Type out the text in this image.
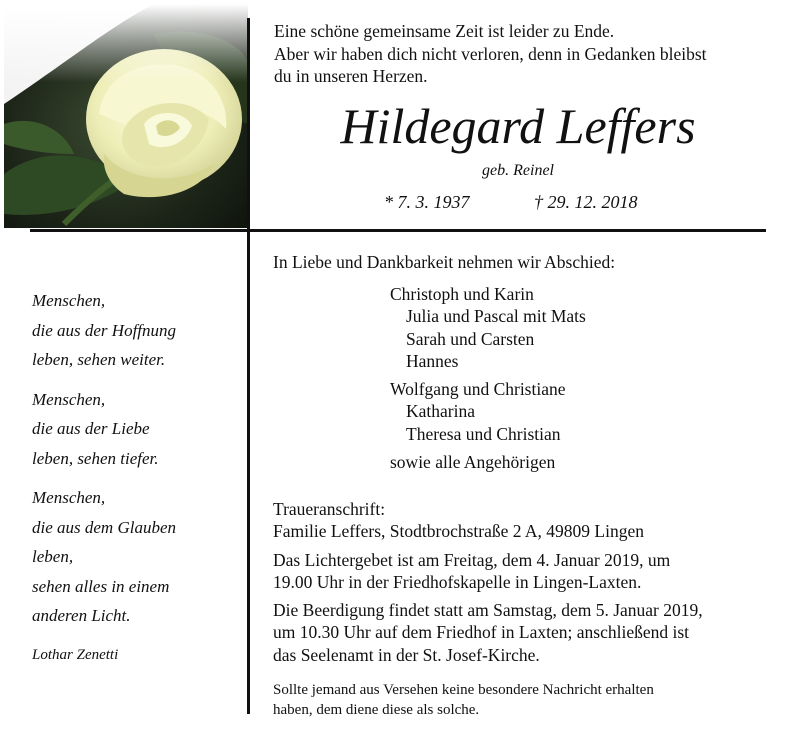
Eine schöne gemeinsame Zeit ist leider zu Ende.
Aber wir haben dich nicht verloren, denn in Gedanken bleibst
du in unseren Herzen.
Hildegard Leffers
geb. Reinel
* 7. 3. 1937	† 29. 12. 2018
Menschen,
die aus der Hoffnung
leben, sehen weiter.
Menschen,
die aus der Liebe
leben, sehen tiefer.
Menschen,
die aus dem Glauben
leben,
sehen alles in einem
anderen Licht.
Lothar Zenetti
In Liebe und Dankbarkeit nehmen wir Abschied:
Christoph und Karin
Julia und Pascal mit Mats
Sarah und Carsten
Hannes
Wolfgang und Christiane
Katharina
Theresa und Christian
sowie alle Angehörigen
Traueranschrift:
Familie Leffers, Stodtbrochstraße 2 A, 49809 Lingen
Das Lichtergebet ist am Freitag, dem 4. Januar 2019, um
19.00 Uhr in der Friedhofskapelle in Lingen-Laxten.
Die Beerdigung findet statt am Samstag, dem 5. Januar 2019,
um 10.30 Uhr auf dem Friedhof in Laxten; anschließend ist
das Seelenamt in der St. Josef-Kirche.
Sollte jemand aus Versehen keine besondere Nachricht erhalten
haben, dem diene diese als solche.
